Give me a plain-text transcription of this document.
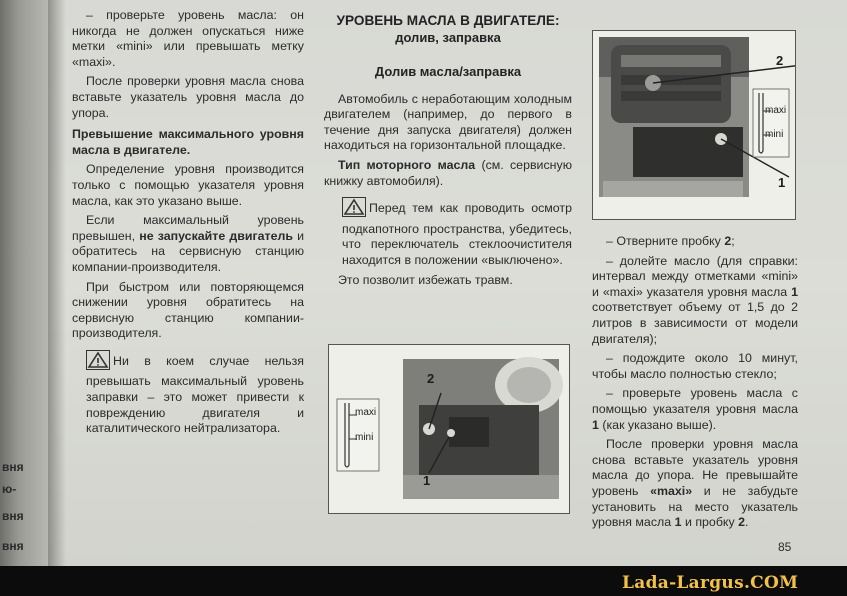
вня
ю-
вня
вня

– проверьте уровень масла: он никогда не должен опускаться ниже метки «mini» или превышать метку «maxi».

После проверки уровня масла снова вставьте указатель уровня масла до упора.

Превышение максимального уровня масла в двигателе.

Определение уровня производится только с помощью указателя уровня масла, как это указано выше.

Если максимальный уровень превышен, не запускайте двигатель и обратитесь на сервисную станцию компании-производителя.

При быстром или повторяющемся снижении уровня обратитесь на сервисную станцию компании-производителя.

Ни в коем случае нельзя превышать максимальный уровень заправки – это может привести к повреждению двигателя и каталитического нейтрализатора.

УРОВЕНЬ МАСЛА В ДВИГАТЕЛЕ:
долив, заправка
Долив масла/заправка

Автомобиль с неработающим холодным двигателем (например, до первого в течение дня запуска двигателя) должен находиться на горизонтальной площадке.

Тип моторного масла (см. сервисную книжку автомобиля).

Перед тем как проводить осмотр подкапотного пространства, убедитесь, что переключатель стеклоочистителя находится в положении «выключено».

Это позволит избежать травм.

2
1
maxi
mini
2
1
maxi
mini

– Отверните пробку 2;

– долейте масло (для справки: интервал между отметками «mini» и «maxi» указателя уровня масла 1 соответствует объему от 1,5 до 2 литров в зависимости от модели двигателя);

– подождите около 10 минут, чтобы масло полностью стекло;

– проверьте уровень масла с помощью указателя уровня масла 1 (как указано выше).

После проверки уровня масла снова вставьте указатель уровня масла до упора. Не превышайте уровень «maxi» и не забудьте установить на место указатель уровня масла 1 и пробку 2.

85
Lada-Largus.COM
